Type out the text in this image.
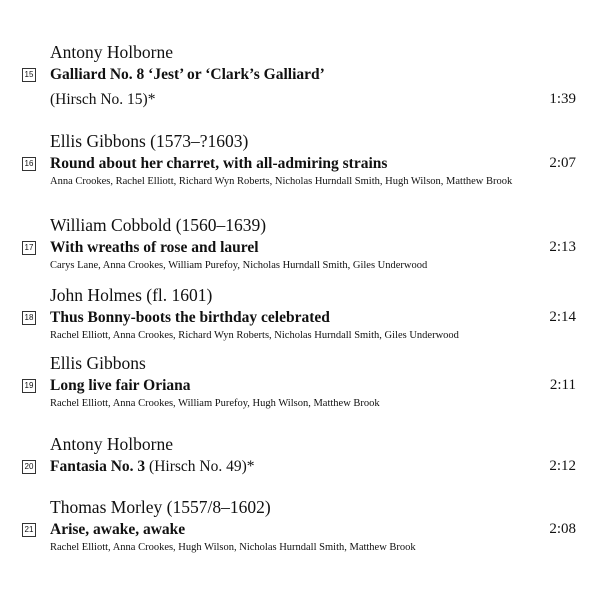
Antony Holborne
15 Galliard No. 8 ‘Jest’ or ‘Clark’s Galliard’
(Hirsch No. 15)*	1:39
Ellis Gibbons (1573–?1603)
16 Round about her charret, with all-admiring strains	2:07
Anna Crookes, Rachel Elliott, Richard Wyn Roberts, Nicholas Hurndall Smith, Hugh Wilson, Matthew Brook
William Cobbold (1560–1639)
17 With wreaths of rose and laurel	2:13
Carys Lane, Anna Crookes, William Purefoy, Nicholas Hurndall Smith, Giles Underwood
John Holmes (fl. 1601)
18 Thus Bonny-boots the birthday celebrated	2:14
Rachel Elliott, Anna Crookes, Richard Wyn Roberts, Nicholas Hurndall Smith, Giles Underwood
Ellis Gibbons
19 Long live fair Oriana	2:11
Rachel Elliott, Anna Crookes, William Purefoy, Hugh Wilson, Matthew Brook
Antony Holborne
20 Fantasia No. 3 (Hirsch No. 49)*	2:12
Thomas Morley (1557/8–1602)
21 Arise, awake, awake	2:08
Rachel Elliott, Anna Crookes, Hugh Wilson, Nicholas Hurndall Smith, Matthew Brook
